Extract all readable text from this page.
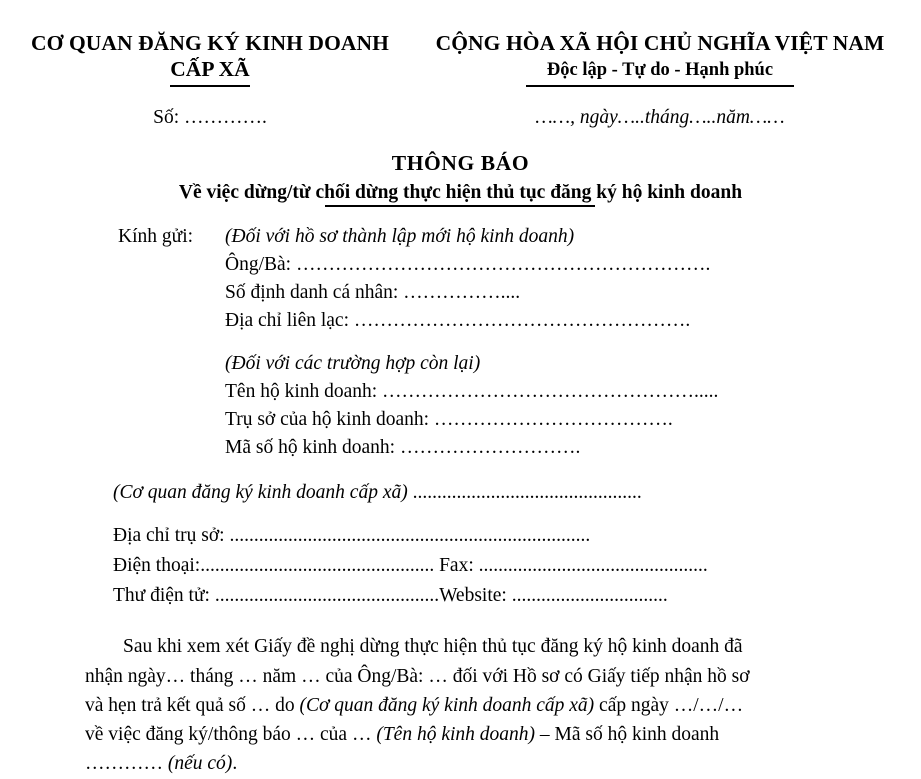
CƠ QUAN ĐĂNG KÝ KINH DOANH
CẤP XÃ
CỘNG HÒA XÃ HỘI CHỦ NGHĨA VIỆT NAM
Độc lập - Tự do - Hạnh phúc
Số: ………….	……, ngày…..tháng…..năm……
THÔNG BÁO
Về việc dừng/từ chối dừng thực hiện thủ tục đăng ký hộ kinh doanh
Kính gửi:	(Đối với hồ sơ thành lập mới hộ kinh doanh)
Ông/Bà: ……………………………………………………….
Số định danh cá nhân: ……………....
Địa chỉ liên lạc: …………………………………………….
(Đối với các trường hợp còn lại)
Tên hộ kinh doanh: ………………………………………….....
Trụ sở của hộ kinh doanh: ……………………………….
Mã số hộ kinh doanh: ……………………….
(Cơ quan đăng ký kinh doanh cấp xã) ...............................................
Địa chỉ trụ sở: ..........................................................................
Điện thoại:................................................ Fax: ...............................................
Thư điện tử: ..............................................Website: ................................
Sau khi xem xét Giấy đề nghị dừng thực hiện thủ tục đăng ký hộ kinh doanh đã
nhận ngày… tháng … năm … của Ông/Bà: … đối với Hồ sơ có Giấy tiếp nhận hồ sơ
và hẹn trả kết quả số … do (Cơ quan đăng ký kinh doanh cấp xã) cấp ngày …/…/…
về việc đăng ký/thông báo … của … (Tên hộ kinh doanh) – Mã số hộ kinh doanh
………… (nếu có).
